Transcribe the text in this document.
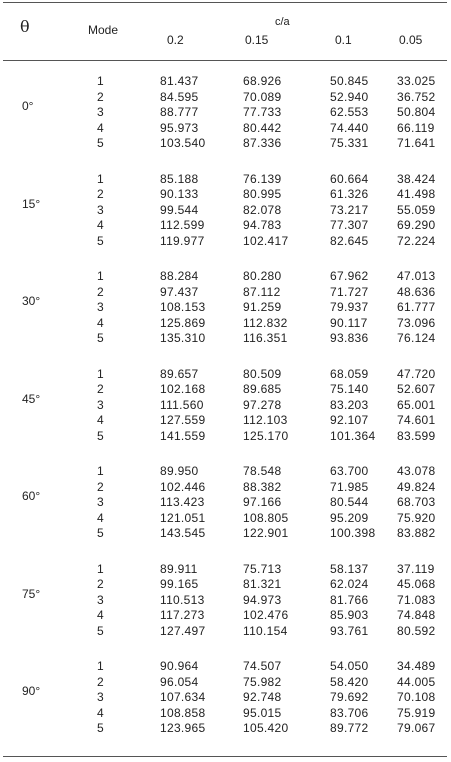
θ	Mode
c/a
0.2	0.15	0.1	0.05
0°
1	81.437	68.926	50.845 33.025
2	84.595	70.089	52.940 36.752
3	88.777	77.733	62.553 50.804
4	95.973	80.442	74.440 66.119
5	103.540	87.336	75.331 71.641
15°
1	85.188	76.139	60.664 38.424
2	90.133	80.995	61.326 41.498
3	99.544	82.078	73.217 55.059
4	112.599	94.783	77.307 69.290
5	119.977	102.417	82.645 72.224
30°
1	88.284	80.280	67.962 47.013
2	97.437	87.112	71.727 48.636
3	108.153	91.259	79.937 61.777
4	125.869	112.832	90.117 73.096
5	135.310	116.351	93.836 76.124
45°
1	89.657	80.509	68.059 47.720
2	102.168	89.685	75.140 52.607
3	111.560	97.278	83.203 65.001
4	127.559	112.103	92.107 74.601
5	141.559	125.170	101.364 83.599
60°
1	89.950	78.548	63.700 43.078
2	102.446	88.382	71.985 49.824
3	113.423	97.166	80.544 68.703
4	121.051	108.805	95.209 75.920
5	143.545	122.901	100.398 83.882
75°
1	89.911	75.713	58.137 37.119
2	99.165	81.321	62.024 45.068
3	110.513	94.973	81.766 71.083
4	117.273	102.476	85.903 74.848
5	127.497	110.154	93.761 80.592
90°
1	90.964	74.507	54.050 34.489
2	96.054	75.982	58.420 44.005
3	107.634	92.748	79.692 70.108
4	108.858	95.015	83.706 75.919
5	123.965	105.420	89.772 79.067
